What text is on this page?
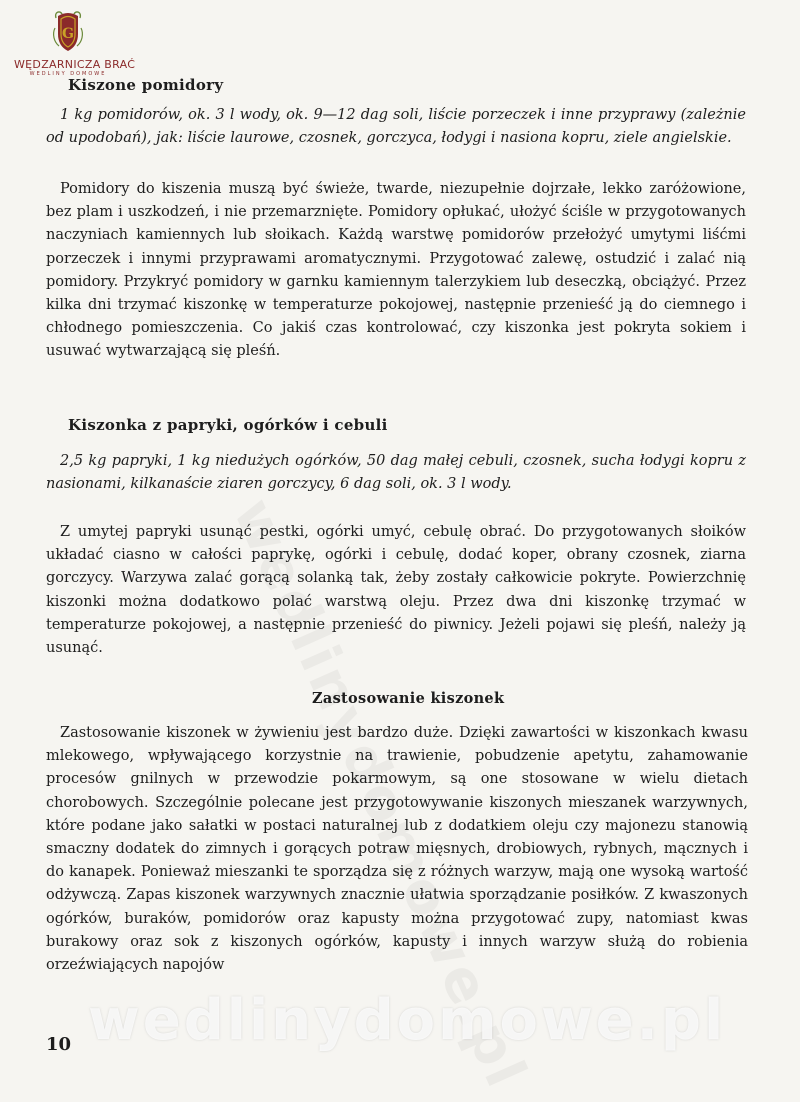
G
WĘDZARNICZA BRAĆ
WEDLINY DOMOWE
Kiszone pomidory

1 kg pomidorów, ok. 3 l wody, ok. 9—12 dag soli, liście porzeczek i inne przyprawy (zależnie od upodobań), jak: liście laurowe, czosnek, gorczyca, łodygi i nasiona kopru, ziele angielskie.

Pomidory do kiszenia muszą być świeże, twarde, niezupełnie dojrzałe, lekko zaróżowione, bez plam i uszkodzeń, i nie przemarznięte. Pomidory opłukać, ułożyć ściśle w przygotowanych naczyniach kamiennych lub słoikach. Każdą warstwę pomidorów przełożyć umytymi liśćmi porzeczek i innymi przyprawami aromatycznymi. Przygotować zalewę, ostudzić i zalać nią pomidory. Przykryć pomidory w garnku kamiennym talerzykiem lub deseczką, obciążyć. Przez kilka dni trzymać kiszonkę w temperaturze pokojowej, następnie przenieść ją do ciemnego i chłodnego pomieszczenia. Co jakiś czas kontrolować, czy kiszonka jest pokryta sokiem i usuwać wytwarzającą się pleśń.

Kiszonka z papryki, ogórków i cebuli

2,5 kg papryki, 1 kg niedużych ogórków, 50 dag małej cebuli, czosnek, sucha łodygi kopru z nasionami, kilkanaście ziaren gorczycy, 6 dag soli, ok. 3 l wody.

Z umytej papryki usunąć pestki, ogórki umyć, cebulę obrać. Do przygotowanych słoików układać ciasno w całości paprykę, ogórki i cebulę, dodać koper, obrany czosnek, ziarna gorczycy. Warzywa zalać gorącą solanką tak, żeby zostały całkowicie pokryte. Powierzchnię kiszonki można dodatkowo polać warstwą oleju. Przez dwa dni kiszonkę trzymać w temperaturze pokojowej, a następnie przenieść do piwnicy. Jeżeli pojawi się pleśń, należy ją usunąć.

Zastosowanie kiszonek

Zastosowanie kiszonek w żywieniu jest bardzo duże. Dzięki zawartości w kiszonkach kwasu mlekowego, wpływającego korzystnie na trawienie, pobudzenie apetytu, zahamowanie procesów gnilnych w przewodzie pokarmowym, są one stosowane w wielu dietach chorobowych. Szczególnie polecane jest przygotowywanie kiszonych mieszanek warzywnych, które podane jako sałatki w postaci naturalnej lub z dodatkiem oleju czy majonezu stanowią smaczny dodatek do zimnych i gorących potraw mięsnych, drobiowych, rybnych, mącznych i do kanapek. Ponieważ mieszanki te sporządza się z różnych warzyw, mają one wysoką wartość odżywczą. Zapas kiszonek warzywnych znacznie ułatwia sporządzanie posiłków. Z kwaszonych ogórków, buraków, pomidorów oraz kapusty można przygotować zupy, natomiast kwas burakowy oraz sok z kiszonych ogórków, kapusty i innych warzyw służą do robienia orzeźwiających napojów

wedlinydomowe.pl
10
